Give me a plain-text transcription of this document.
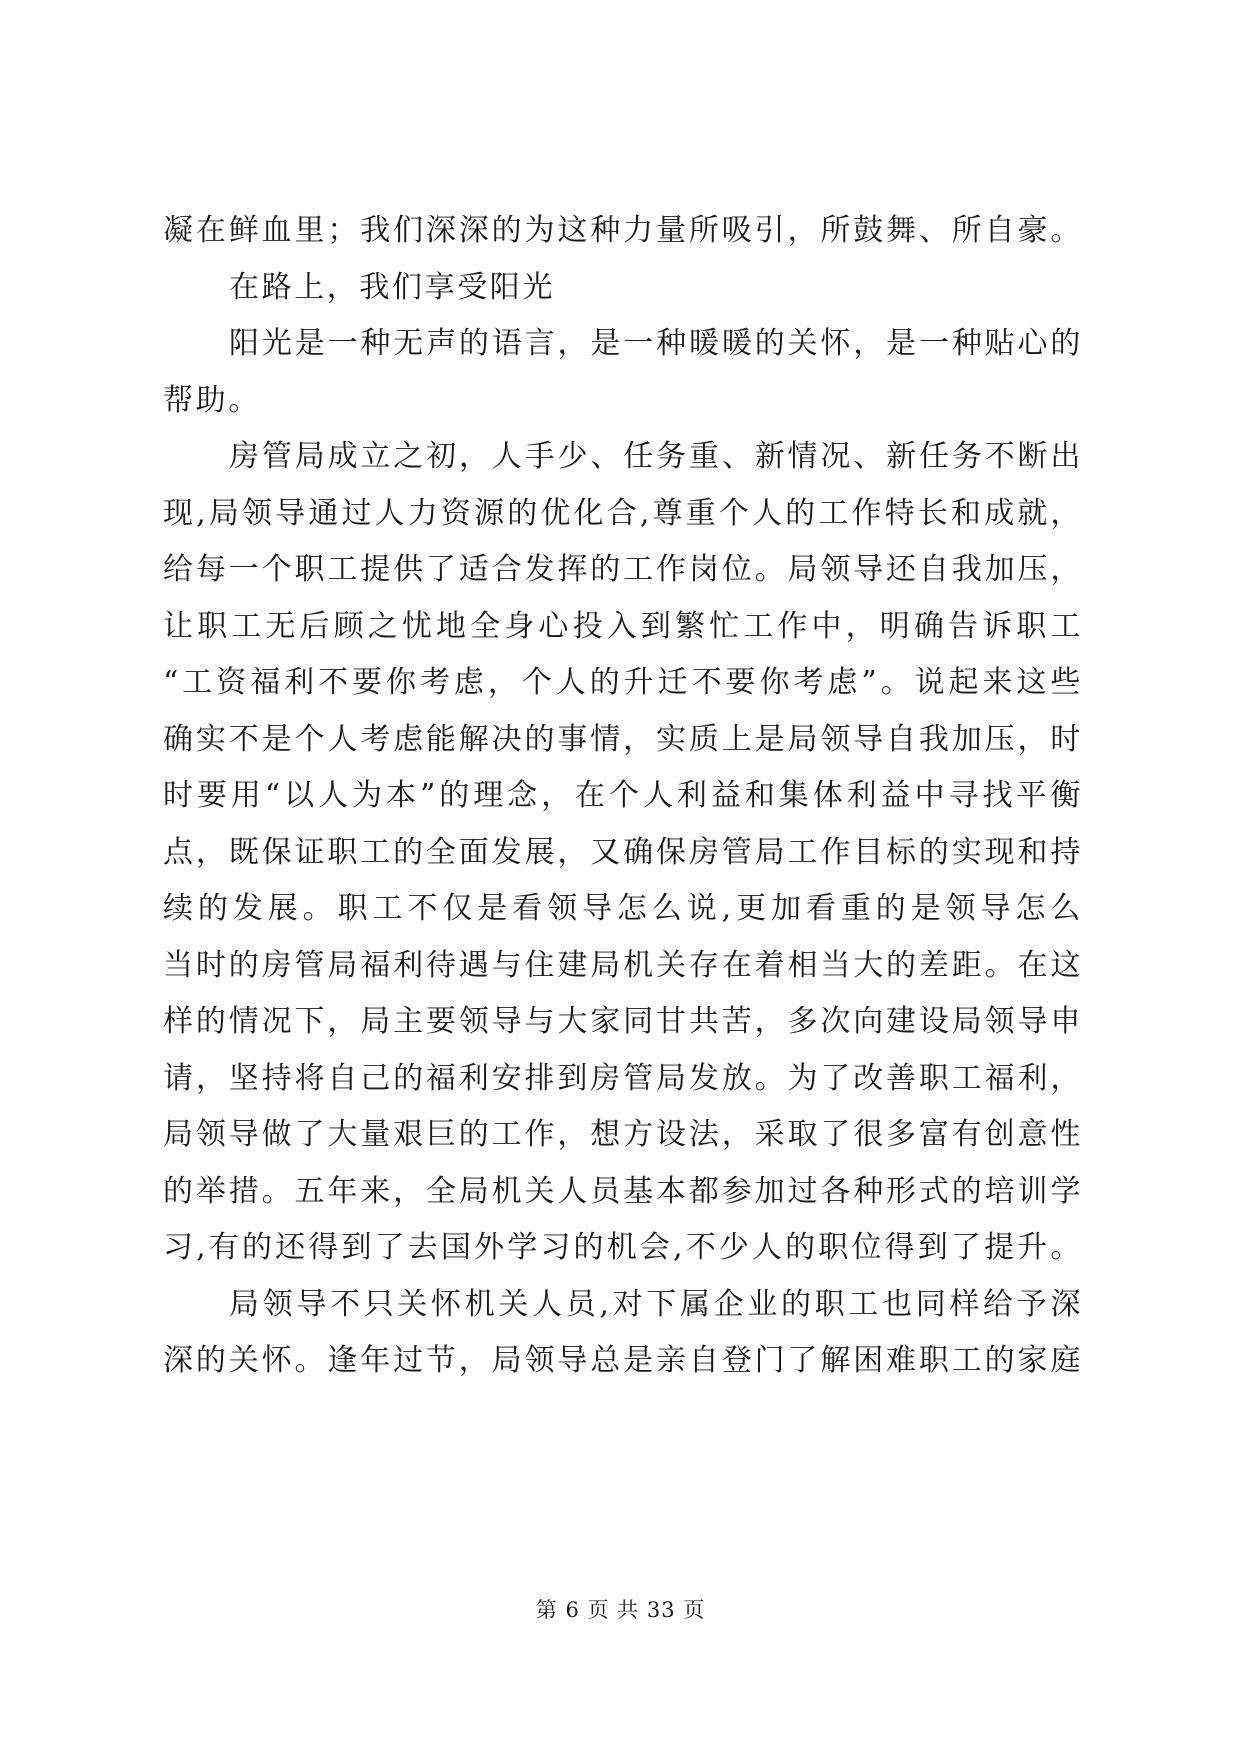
凝在鲜血里；我们深深的为这种力量所吸引，所鼓舞、所自豪。
在路上，我们享受阳光
阳光是一种无声的语言，是一种暖暖的关怀，是一种贴心的
帮助。
房管局成立之初，人手少、任务重、新情况、新任务不断出
现,局领导通过人力资源的优化合,尊重个人的工作特长和成就，
给每一个职工提供了适合发挥的工作岗位。局领导还自我加压，
让职工无后顾之忧地全身心投入到繁忙工作中，明确告诉职工
“工资福利不要你考虑，个人的升迁不要你考虑”。说起来这些
确实不是个人考虑能解决的事情，实质上是局领导自我加压，时
时要用“以人为本”的理念，在个人利益和集体利益中寻找平衡
点，既保证职工的全面发展，又确保房管局工作目标的实现和持
续的发展。职工不仅是看领导怎么说,更加看重的是领导怎么
当时的房管局福利待遇与住建局机关存在着相当大的差距。在这
样的情况下，局主要领导与大家同甘共苦，多次向建设局领导申
请，坚持将自己的福利安排到房管局发放。为了改善职工福利，
局领导做了大量艰巨的工作，想方设法，采取了很多富有创意性
的举措。五年来，全局机关人员基本都参加过各种形式的培训学
习,有的还得到了去国外学习的机会,不少人的职位得到了提升。
局领导不只关怀机关人员,对下属企业的职工也同样给予深
深的关怀。逢年过节，局领导总是亲自登门了解困难职工的家庭
第 6 页 共 33 页
